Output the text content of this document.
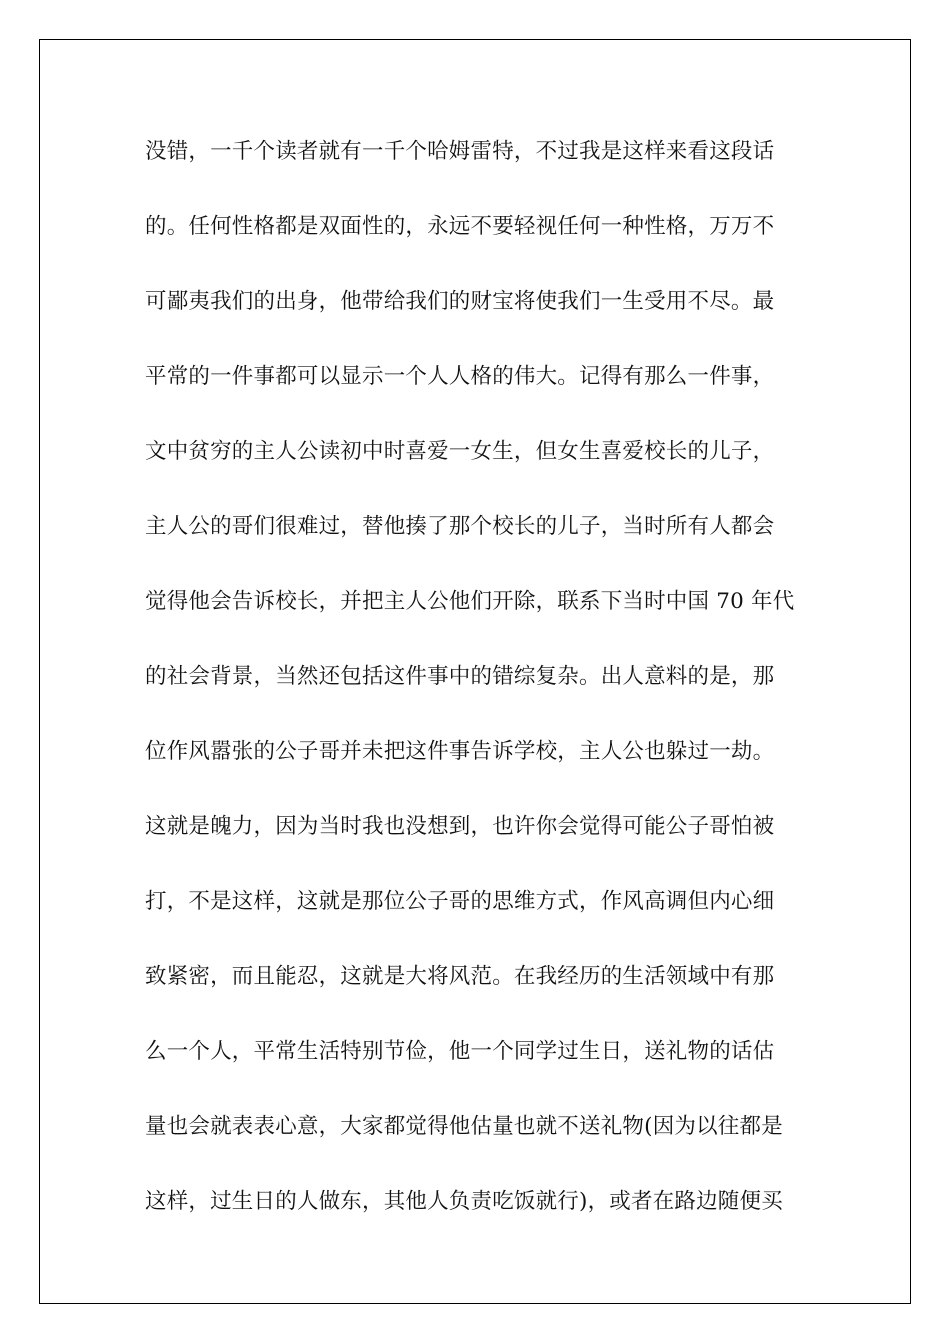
没错，一千个读者就有一千个哈姆雷特，不过我是这样来看这段话
的。任何性格都是双面性的，永远不要轻视任何一种性格，万万不
可鄙夷我们的出身，他带给我们的财宝将使我们一生受用不尽。最
平常的一件事都可以显示一个人人格的伟大。记得有那么一件事，
文中贫穷的主人公读初中时喜爱一女生，但女生喜爱校长的儿子，
主人公的哥们很难过，替他揍了那个校长的儿子，当时所有人都会
觉得他会告诉校长，并把主人公他们开除，联系下当时中国 70 年代
的社会背景，当然还包括这件事中的错综复杂。出人意料的是，那
位作风嚣张的公子哥并未把这件事告诉学校，主人公也躲过一劫。
这就是魄力，因为当时我也没想到，也许你会觉得可能公子哥怕被
打，不是这样，这就是那位公子哥的思维方式，作风高调但内心细
致紧密，而且能忍，这就是大将风范。在我经历的生活领域中有那
么一个人，平常生活特别节俭，他一个同学过生日，送礼物的话估
量也会就表表心意，大家都觉得他估量也就不送礼物(因为以往都是
这样，过生日的人做东，其他人负责吃饭就行)，或者在路边随便买
